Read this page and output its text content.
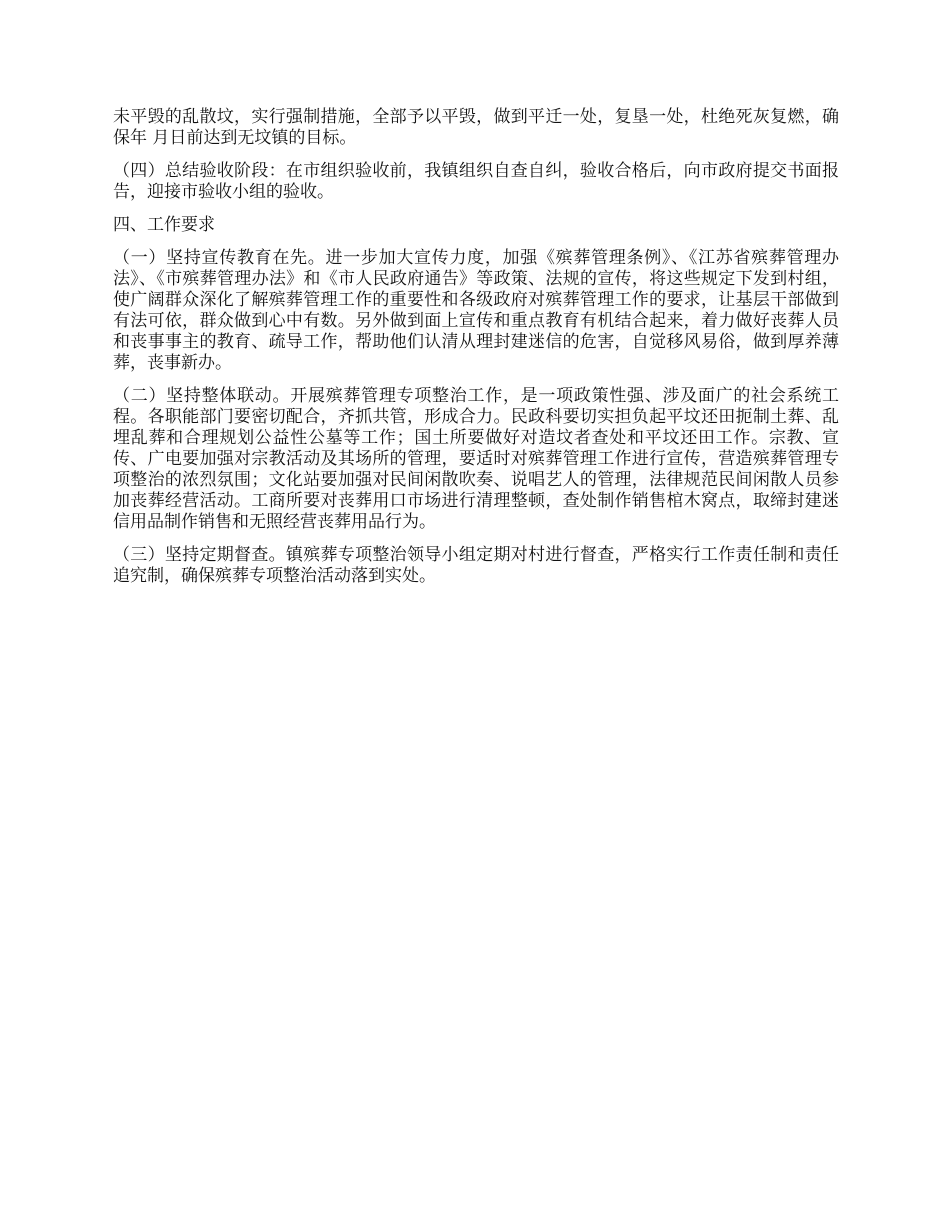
未平毁的乱散坟，实行强制措施，全部予以平毁，做到平迁一处，复垦一处，杜绝死灰复燃，确保年 月日前达到无坟镇的目标。

（四）总结验收阶段：在市组织验收前，我镇组织自查自纠，验收合格后，向市政府提交书面报告，迎接市验收小组的验收。

四、工作要求

（一）坚持宣传教育在先。进一步加大宣传力度，加强《殡葬管理条例》、《江苏省殡葬管理办法》、《市殡葬管理办法》和《市人民政府通告》等政策、法规的宣传，将这些规定下发到村组，使广阔群众深化了解殡葬管理工作的重要性和各级政府对殡葬管理工作的要求，让基层干部做到有法可依，群众做到心中有数。另外做到面上宣传和重点教育有机结合起来，着力做好丧葬人员和丧事事主的教育、疏导工作，帮助他们认清从理封建迷信的危害，自觉移风易俗，做到厚养薄葬，丧事新办。

（二）坚持整体联动。开展殡葬管理专项整治工作，是一项政策性强、涉及面广的社会系统工程。各职能部门要密切配合，齐抓共管，形成合力。民政科要切实担负起平坟还田扼制土葬、乱埋乱葬和合理规划公益性公墓等工作；国土所要做好对造坟者查处和平坟还田工作。宗教、宣传、广电要加强对宗教活动及其场所的管理，要适时对殡葬管理工作进行宣传，营造殡葬管理专项整治的浓烈氛围；文化站要加强对民间闲散吹奏、说唱艺人的管理，法律规范民间闲散人员参加丧葬经营活动。工商所要对丧葬用口市场进行清理整顿，查处制作销售棺木窝点，取缔封建迷信用品制作销售和无照经营丧葬用品行为。

（三）坚持定期督查。镇殡葬专项整治领导小组定期对村进行督查，严格实行工作责任制和责任追究制，确保殡葬专项整治活动落到实处。
